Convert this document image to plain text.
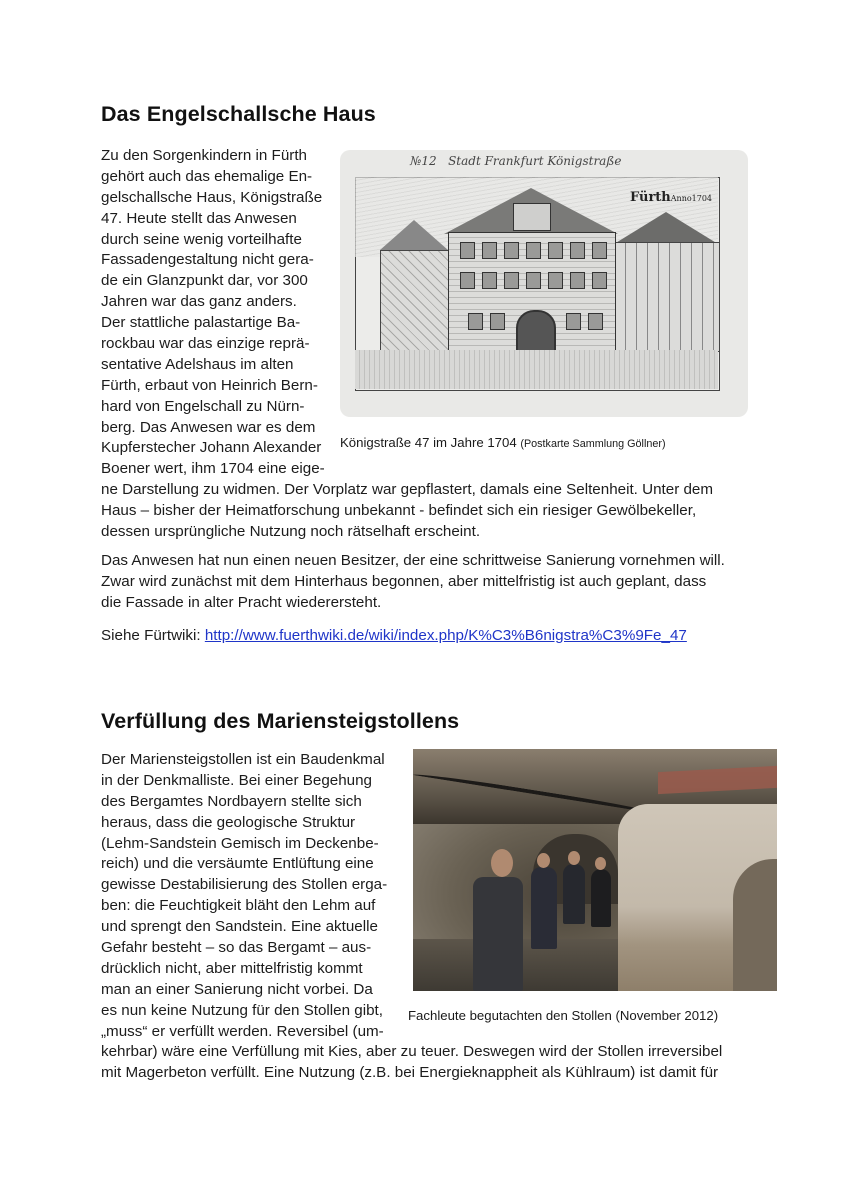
Das Engelschallsche Haus
Zu den Sorgenkindern in Fürth
gehört auch das ehemalige En-
gelschallsche Haus, Königstraße
47. Heute stellt das Anwesen
durch seine wenig vorteilhafte
Fassadengestaltung nicht gera-
de ein Glanzpunkt dar, vor 300
Jahren war das ganz anders.
Der stattliche palastartige Ba-
rockbau war das einzige reprä-
sentative Adelshaus im alten
Fürth, erbaut von Heinrich Bern-
hard von Engelschall zu Nürn-
berg. Das Anwesen war es dem
Kupferstecher Johann Alexander
Boener wert, ihm 1704 eine eige-
ne Darstellung zu widmen. Der Vorplatz war gepflastert, damals eine Seltenheit. Unter dem
Haus – bisher der Heimatforschung unbekannt - befindet sich ein riesiger Gewölbekeller,
dessen ursprüngliche Nutzung noch rätselhaft erscheint.
№12 Stadt Frankfurt Königstraße
FürthAnno1704
Königstraße 47 im Jahre 1704 (Postkarte Sammlung Göllner)
Das Anwesen hat nun einen neuen Besitzer, der eine schrittweise Sanierung vornehmen will.
Zwar wird zunächst mit dem Hinterhaus begonnen, aber mittelfristig ist auch geplant, dass
die Fassade in alter Pracht wiederersteht.
Siehe Fürtwiki: http://www.fuerthwiki.de/wiki/index.php/K%C3%B6nigstra%C3%9Fe_47
Verfüllung des Mariensteigstollens
Der Mariensteigstollen ist ein Baudenkmal
in der Denkmalliste. Bei einer Begehung
des Bergamtes Nordbayern stellte sich
heraus, dass die geologische Struktur
(Lehm-Sandstein Gemisch im Deckenbe-
reich) und die versäumte Entlüftung eine
gewisse Destabilisierung des Stollen erga-
ben: die Feuchtigkeit bläht den Lehm auf
und sprengt den Sandstein. Eine aktuelle
Gefahr besteht – so das Bergamt – aus-
drücklich nicht, aber mittelfristig kommt
man an einer Sanierung nicht vorbei. Da
es nun keine Nutzung für den Stollen gibt,
„muss“ er verfüllt werden. Reversibel (um-
kehrbar) wäre eine Verfüllung mit Kies, aber zu teuer. Deswegen wird der Stollen irreversibel
mit Magerbeton verfüllt. Eine Nutzung (z.B. bei Energieknappheit als Kühlraum) ist damit für
Fachleute begutachten den Stollen (November 2012)
